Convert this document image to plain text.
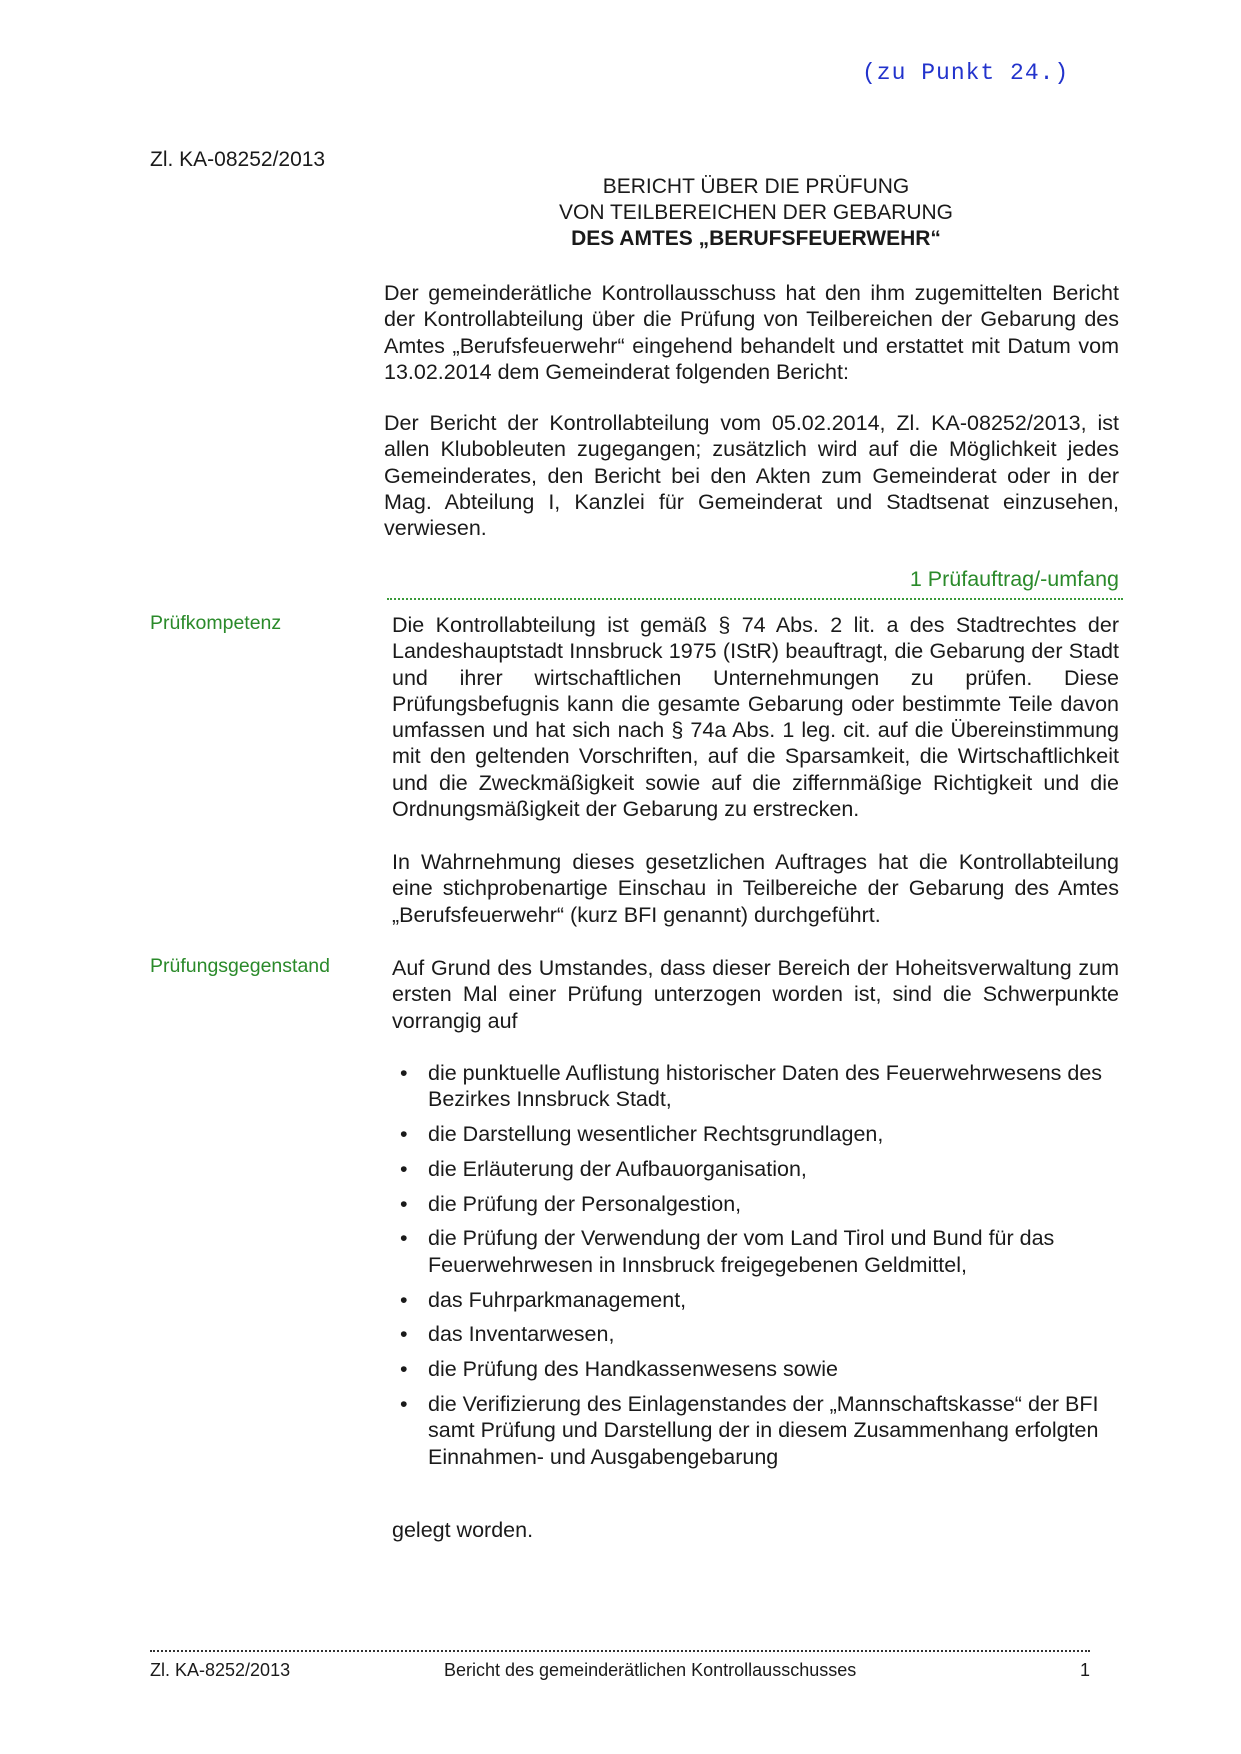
(zu Punkt 24.)
Zl. KA-08252/2013
BERICHT ÜBER DIE PRÜFUNG
VON TEILBEREICHEN DER GEBARUNG
DES AMTES „BERUFSFEUERWEHR“

Der gemeinderätliche Kontrollausschuss hat den ihm zugemittelten Bericht der Kontrollabteilung über die Prüfung von Teilbereichen der Gebarung des Amtes „Berufsfeuerwehr“ eingehend behandelt und erstattet mit Datum vom 13.02.2014 dem Gemeinderat folgenden Bericht:

Der Bericht der Kontrollabteilung vom 05.02.2014, Zl. KA-08252/2013, ist allen Klubobleuten zugegangen; zusätzlich wird auf die Möglichkeit jedes Gemeinderates, den Bericht bei den Akten zum Gemeinderat oder in der Mag. Abteilung I, Kanzlei für Gemeinderat und Stadtsenat einzusehen, verwiesen.

1 Prüfauftrag/-umfang
Prüfkompetenz	Die Kontrollabteilung ist gemäß § 74 Abs. 2 lit. a des Stadtrechtes der Landeshauptstadt Innsbruck 1975 (IStR) beauftragt, die Gebarung der Stadt und ihrer wirtschaftlichen Unternehmungen zu prüfen. Diese Prüfungsbefugnis kann die gesamte Gebarung oder bestimmte Teile davon umfassen und hat sich nach § 74a Abs. 1 leg. cit. auf die Übereinstimmung mit den geltenden Vorschriften, auf die Sparsamkeit, die Wirtschaftlichkeit und die Zweckmäßigkeit sowie auf die ziffernmäßige Richtigkeit und die Ordnungsmäßigkeit der Gebarung zu erstrecken.

In Wahrnehmung dieses gesetzlichen Auftrages hat die Kontrollabteilung eine stichprobenartige Einschau in Teilbereiche der Gebarung des Amtes „Berufsfeuerwehr“ (kurz BFI genannt) durchgeführt.

Prüfungsgegenstand	Auf Grund des Umstandes, dass dieser Bereich der Hoheitsverwaltung zum ersten Mal einer Prüfung unterzogen worden ist, sind die Schwerpunkte vorrangig auf

• die punktuelle Auflistung historischer Daten des Feuerwehrwesens des Bezirkes Innsbruck Stadt,
• die Darstellung wesentlicher Rechtsgrundlagen,
• die Erläuterung der Aufbauorganisation,
• die Prüfung der Personalgestion,
• die Prüfung der Verwendung der vom Land Tirol und Bund für das Feuerwehrwesen in Innsbruck freigegebenen Geldmittel,
• das Fuhrparkmanagement,
• das Inventarwesen,
• die Prüfung des Handkassenwesens sowie
• die Verifizierung des Einlagenstandes der „Mannschaftskasse“ der BFI samt Prüfung und Darstellung der in diesem Zusammenhang erfolgten Einnahmen- und Ausgabengebarung
gelegt worden.
Zl. KA-8252/2013	Bericht des gemeinderätlichen Kontrollausschusses	1
